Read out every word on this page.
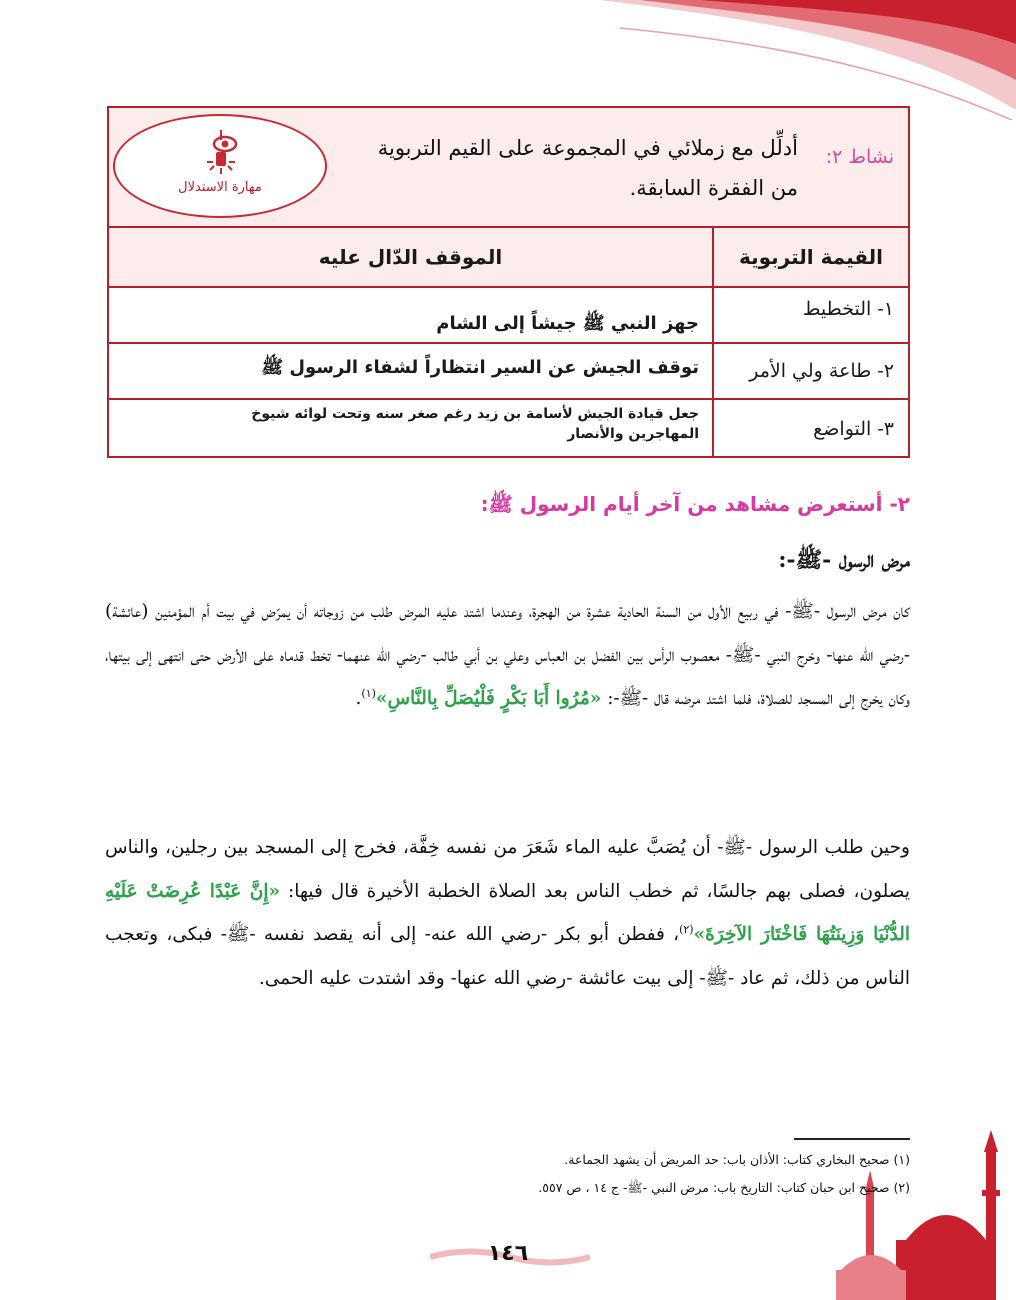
نشاط ٢:
أدلِّل مع زملائي في المجموعة على القيم التربوية
من الفقرة السابقة.
مهارة الاستدلال
القيمة التربوية
الموقف الدّال عليه
١- التخطيط
جهز النبي ﷺ جيشاً إلى الشام
٢- طاعة ولي الأمر
توقف الجيش عن السير انتظاراً لشفاء الرسول ﷺ
٣- التواضع
جعل قيادة الجيش لأسامة بن زيد رغم صغر سنه وتحت لوائه شيوخ المهاجرين والأنصار
٢- أستعرض مشاهد من آخر أيام الرسول ﷺ:
مرض الرسول -ﷺ-:
كان مرض الرسول -ﷺ- في ربيع الأول من السنة الحادية عشرة من الهجرة، وعندما اشتد عليه المرض طلب من زوجاته أن يمرّض في بيت أم المؤمنين (عائشة) -رضي الله عنها- وخرج النبي -ﷺ- معصوب الرأس بين الفضل بن العباس وعلي بن أبي طالب -رضي الله عنهما- تخط قدماه على الأرض حتى انتهى إلى بيتها، وكان يخرج إلى المسجد للصلاة، فلما اشتد مرضه قال -ﷺ-: «مُرُوا أَبَا بَكْرٍ فَلْيُصَلِّ بِالنَّاسِ»$^{(١)}$.
وحين طلب الرسول -ﷺ- أن يُصَبَّ عليه الماء شَعَرَ من نفسه خِفَّة، فخرج إلى المسجد بين رجلين، والناس يصلون، فصلى بهم جالسًا، ثم خطب الناس بعد الصلاة الخطبة الأخيرة قال فيها: «إِنَّ عَبْدًا عُرِضَتْ عَلَيْهِ الدُّنْيَا وَزِينَتُهَا فَاخْتَارَ الآخِرَةَ»$^{(٢)}$، ففطن أبو بكر -رضي الله عنه- إلى أنه يقصد نفسه -ﷺ- فبكى، وتعجب الناس من ذلك، ثم عاد -ﷺ- إلى بيت عائشة -رضي الله عنها- وقد اشتدت عليه الحمى.
(١) صحيح البخاري كتاب: الأذان باب: حد المريض أن يشهد الجماعة.
(٢) صحيح ابن حبان كتاب: التاريخ باب: مرض النبي -ﷺ- ج ١٤ ، ص ٥٥٧.
١٤٦
